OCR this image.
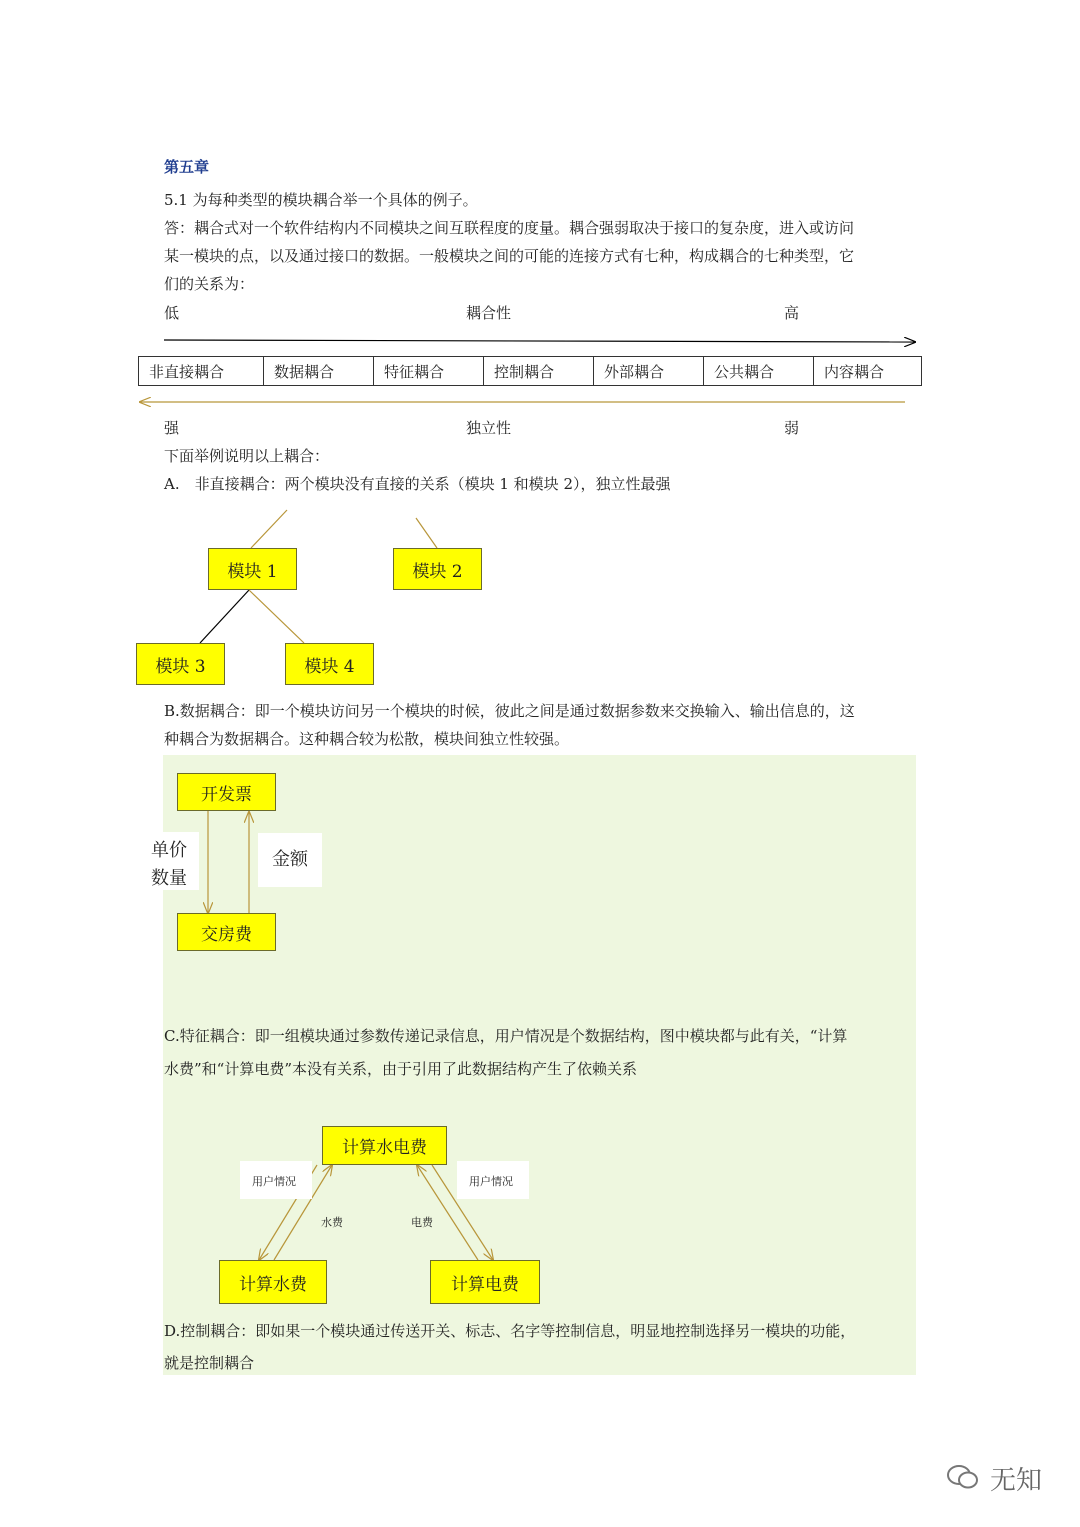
第五章
5.1 为每种类型的模块耦合举一个具体的例子。
答：耦合式对一个软件结构内不同模块之间互联程度的度量。耦合强弱取决于接口的复杂度，进入或访问
某一模块的点，以及通过接口的数据。一般模块之间的可能的连接方式有七种，构成耦合的七种类型，它
们的关系为：
低	耦合性	高
非直接耦合	数据耦合	特征耦合	控制耦合	外部耦合	公共耦合	内容耦合
强	独立性	弱
下面举例说明以上耦合：
A.　非直接耦合：两个模块没有直接的关系（模块 1 和模块 2），独立性最强
模块 1	模块 2
模块 3	模块 4
B.数据耦合：即一个模块访问另一个模块的时候，彼此之间是通过数据参数来交换输入、输出信息的，这
种耦合为数据耦合。这种耦合较为松散，模块间独立性较强。
开发票
交房费
单价
数量
金额
C.特征耦合：即一组模块通过参数传递记录信息，用户情况是个数据结构，图中模块都与此有关，“计算
水费”和“计算电费”本没有关系，由于引用了此数据结构产生了依赖关系
计算水电费
计算水费	计算电费
用户情况	用户情况
水费	电费
D.控制耦合：即如果一个模块通过传送开关、标志、名字等控制信息，明显地控制选择另一模块的功能，
就是控制耦合
无知
